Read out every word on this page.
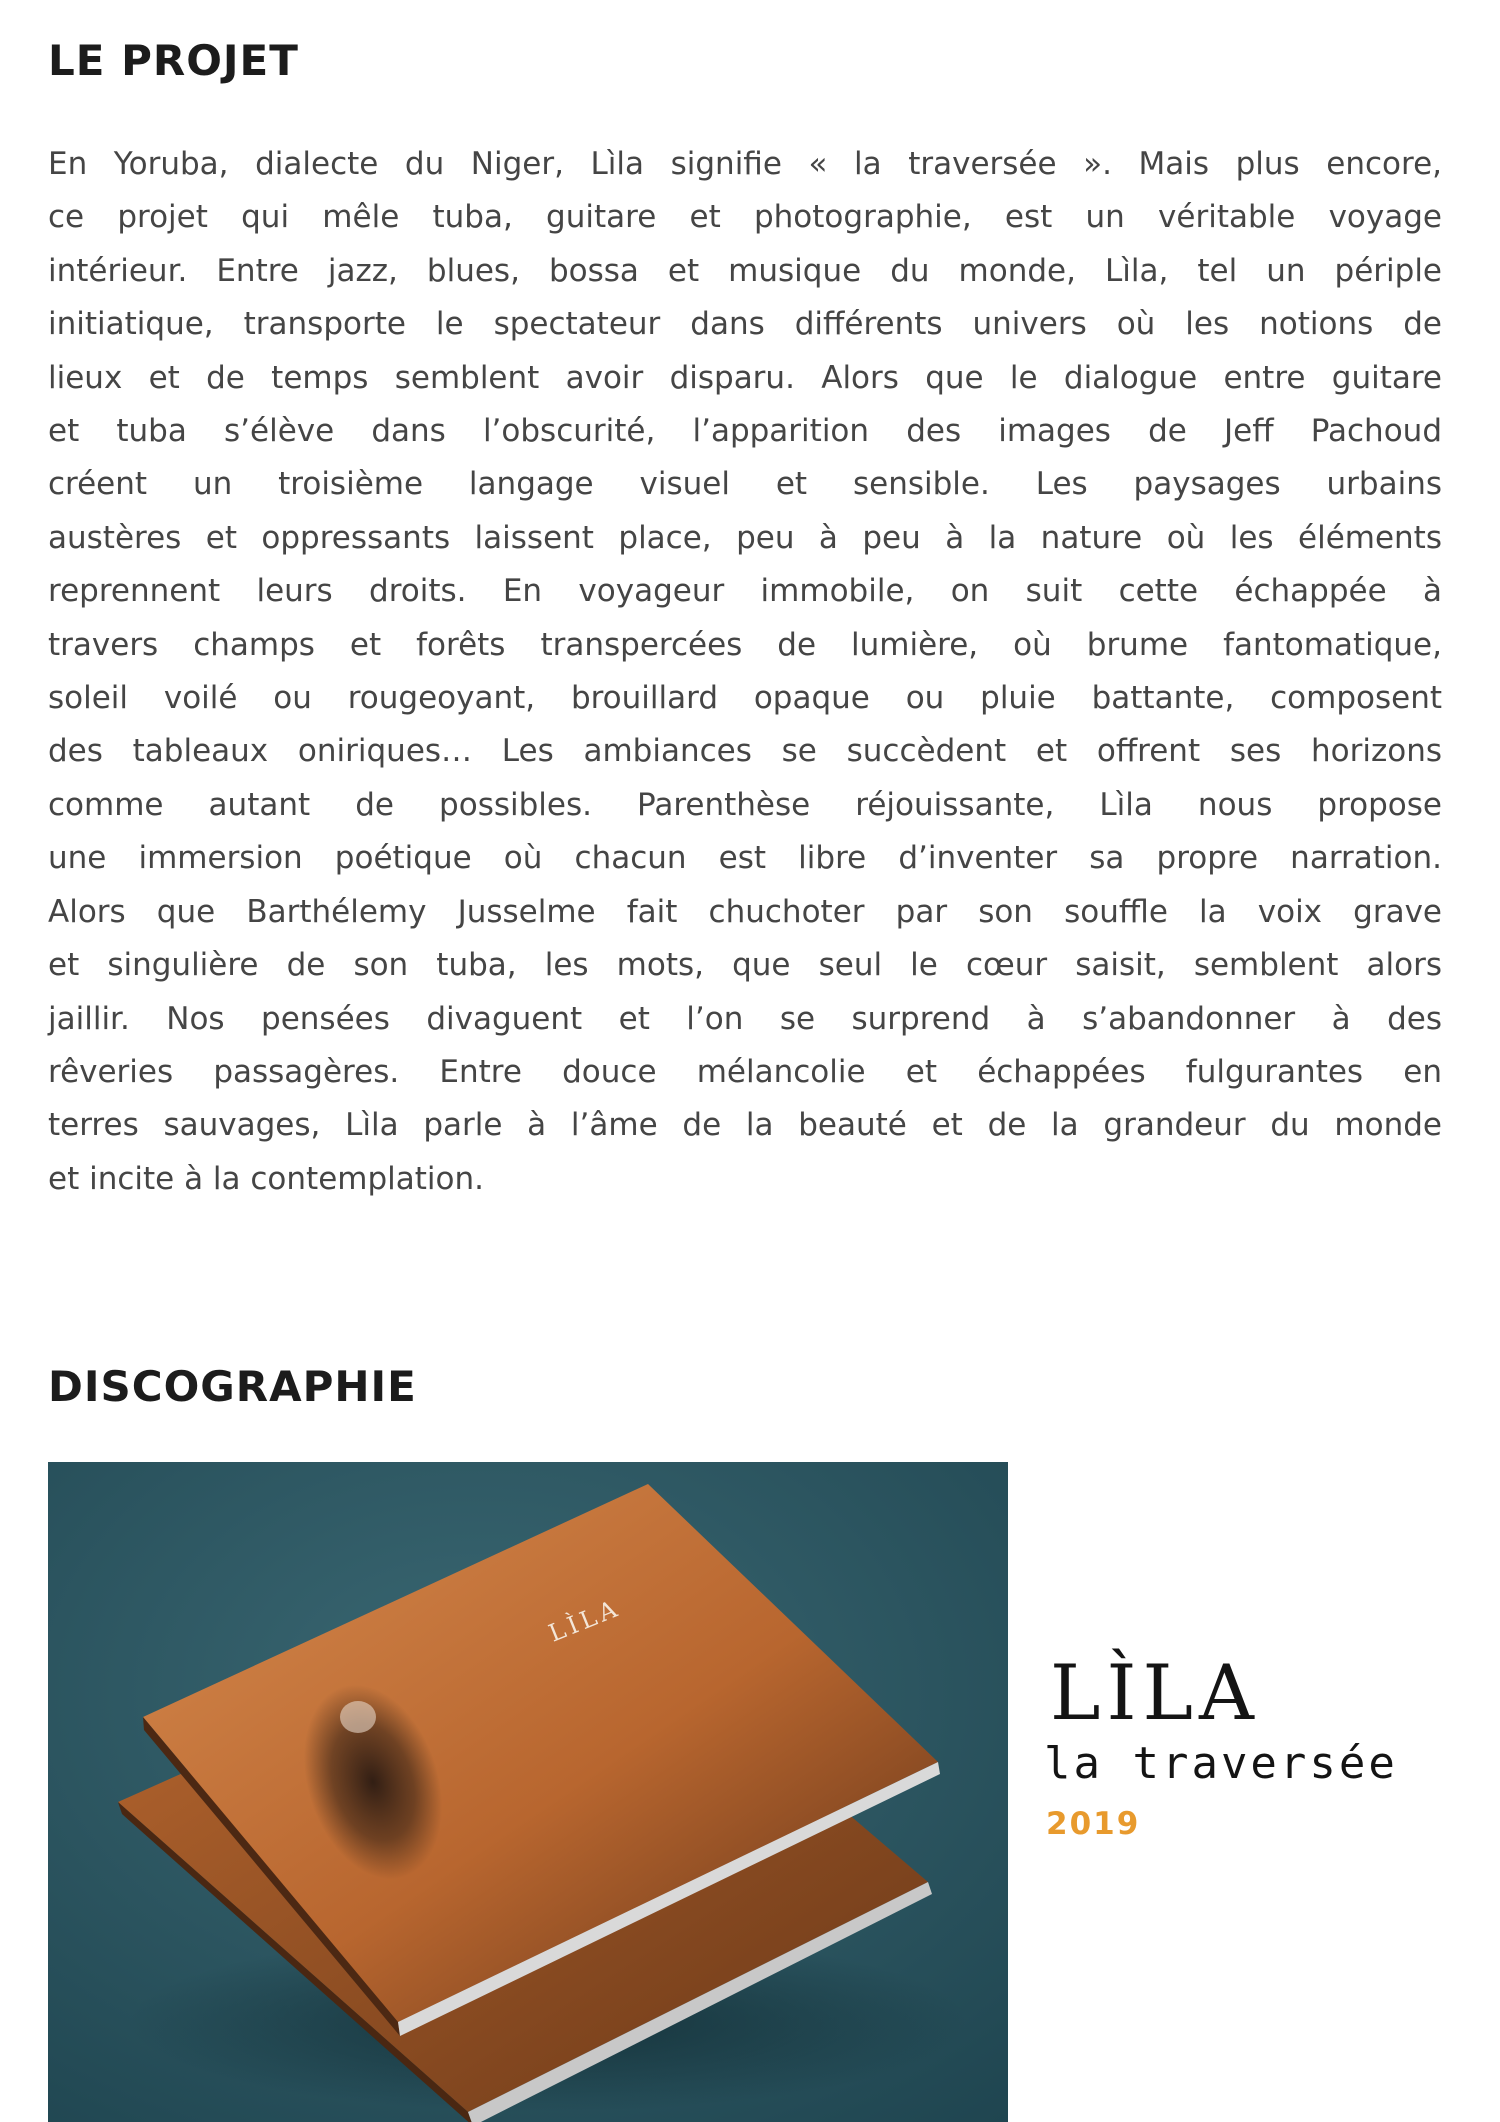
LE PROJET
En Yoruba, dialecte du Niger, Lìla signifie « la traversée ». Mais plus encore,
ce projet qui mêle tuba, guitare et photographie, est un véritable voyage
intérieur. Entre jazz, blues, bossa et musique du monde, Lìla, tel un périple
initiatique, transporte le spectateur dans différents univers où les notions de
lieux et de temps semblent avoir disparu. Alors que le dialogue entre guitare
et tuba s’élève dans l’obscurité, l’apparition des images de Jeff Pachoud
créent un troisième langage visuel et sensible. Les paysages urbains
austères et oppressants laissent place, peu à peu à la nature où les éléments
reprennent leurs droits. En voyageur immobile, on suit cette échappée à
travers champs et forêts transpercées de lumière, où brume fantomatique,
soleil voilé ou rougeoyant, brouillard opaque ou pluie battante, composent
des tableaux oniriques… Les ambiances se succèdent et offrent ses horizons
comme autant de possibles. Parenthèse réjouissante, Lìla nous propose
une immersion poétique où chacun est libre d’inventer sa propre narration.
Alors que Barthélemy Jusselme fait chuchoter par son souffle la voix grave
et singulière de son tuba, les mots, que seul le cœur saisit, semblent alors
jaillir. Nos pensées divaguent et l’on se surprend à s’abandonner à des
rêveries passagères. Entre douce mélancolie et échappées fulgurantes en
terres sauvages, Lìla parle à l’âme de la beauté et de la grandeur du monde
et incite à la contemplation.
DISCOGRAPHIE
LÌLA
LÌLA
la traversée
2019
